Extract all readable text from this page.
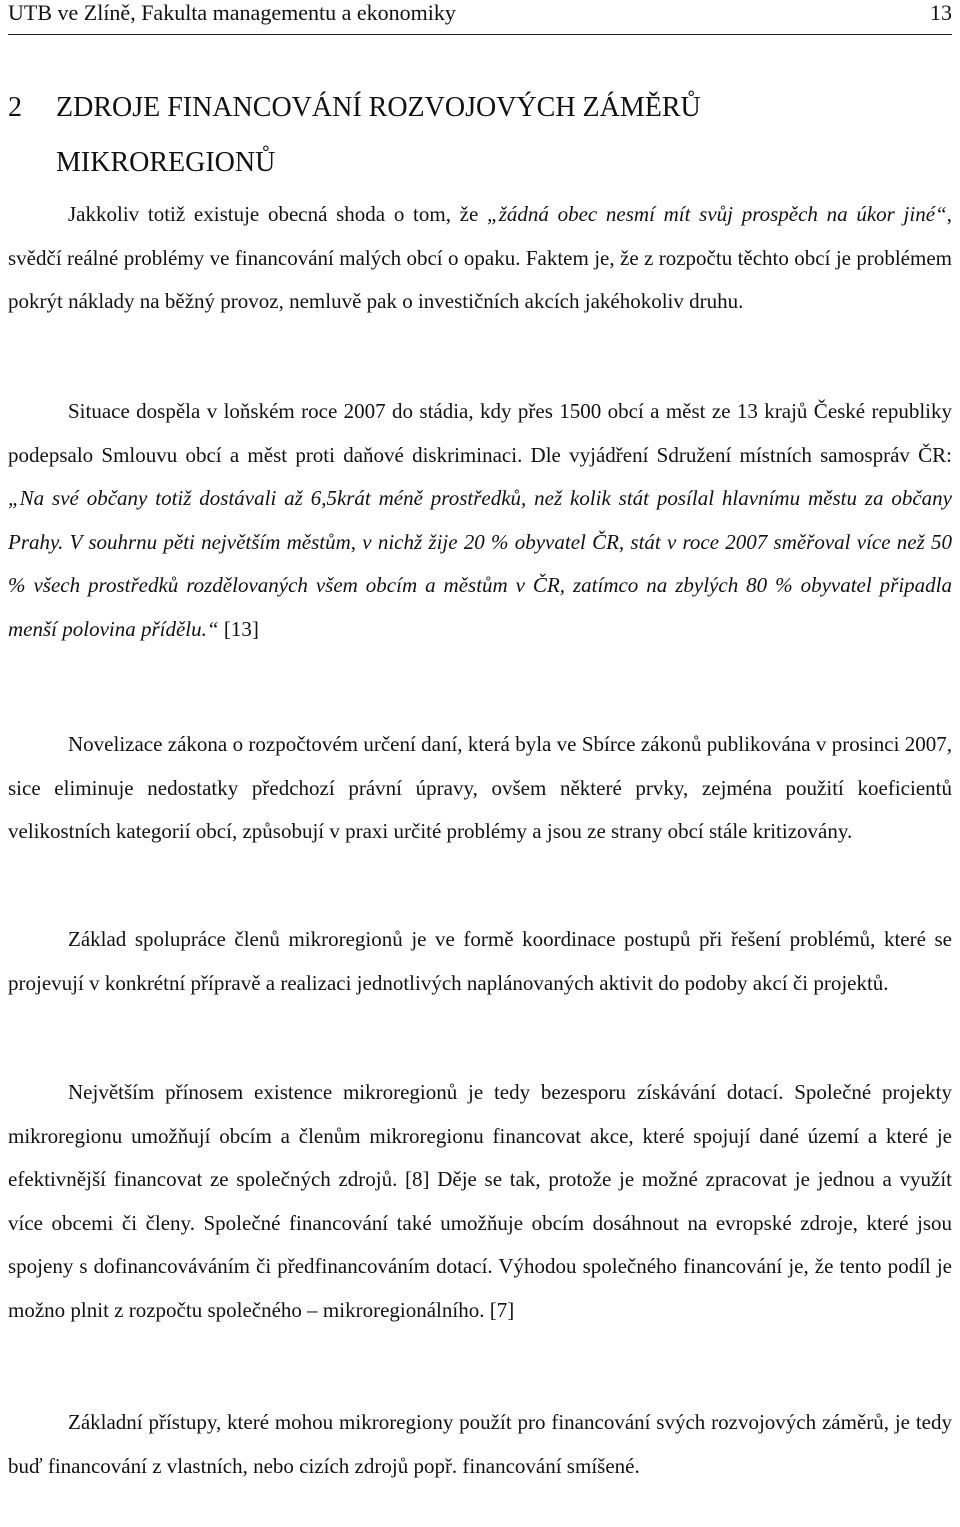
UTB ve Zlíně, Fakulta managementu a ekonomiky	13
2 ZDROJE FINANCOVÁNÍ ROZVOJOVÝCH ZÁMĚRŮ
MIKROREGIONŮ

Jakkoliv totiž existuje obecná shoda o tom, že „žádná obec nesmí mít svůj prospěch na úkor jiné“, svědčí reálné problémy ve financování malých obcí o opaku. Faktem je, že z rozpočtu těchto obcí je problémem pokrýt náklady na běžný provoz, nemluvě pak o investičních akcích jakéhokoliv druhu.

Situace dospěla v loňském roce 2007 do stádia, kdy přes 1500 obcí a měst ze 13 krajů České republiky podepsalo Smlouvu obcí a měst proti daňové diskriminaci. Dle vyjádření Sdružení místních samospráv ČR: „Na své občany totiž dostávali až 6,5krát méně prostředků, než kolik stát posílal hlavnímu městu za občany Prahy. V souhrnu pěti největším městům, v nichž žije 20 % obyvatel ČR, stát v roce 2007 směřoval více než 50 % všech prostředků rozdělovaných všem obcím a městům v ČR, zatímco na zbylých 80 % obyvatel připadla menší polovina přídělu.“ [13]

Novelizace zákona o rozpočtovém určení daní, která byla ve Sbírce zákonů publikována v prosinci 2007, sice eliminuje nedostatky předchozí právní úpravy, ovšem některé prvky, zejména použití koeficientů velikostních kategorií obcí, způsobují v praxi určité problémy a jsou ze strany obcí stále kritizovány.

Základ spolupráce členů mikroregionů je ve formě koordinace postupů při řešení problémů, které se projevují v konkrétní přípravě a realizaci jednotlivých naplánovaných aktivit do podoby akcí či projektů.

Největším přínosem existence mikroregionů je tedy bezesporu získávání dotací. Společné projekty mikroregionu umožňují obcím a členům mikroregionu financovat akce, které spojují dané území a které je efektivnější financovat ze společných zdrojů. [8] Děje se tak, protože je možné zpracovat je jednou a využít více obcemi či členy. Společné financování také umožňuje obcím dosáhnout na evropské zdroje, které jsou spojeny s dofinancováváním či předfinancováním dotací. Výhodou společného financování je, že tento podíl je možno plnit z rozpočtu společného – mikroregionálního. [7]

Základní přístupy, které mohou mikroregiony použít pro financování svých rozvojových záměrů, je tedy buď financování z vlastních, nebo cizích zdrojů popř. financování smíšené.
